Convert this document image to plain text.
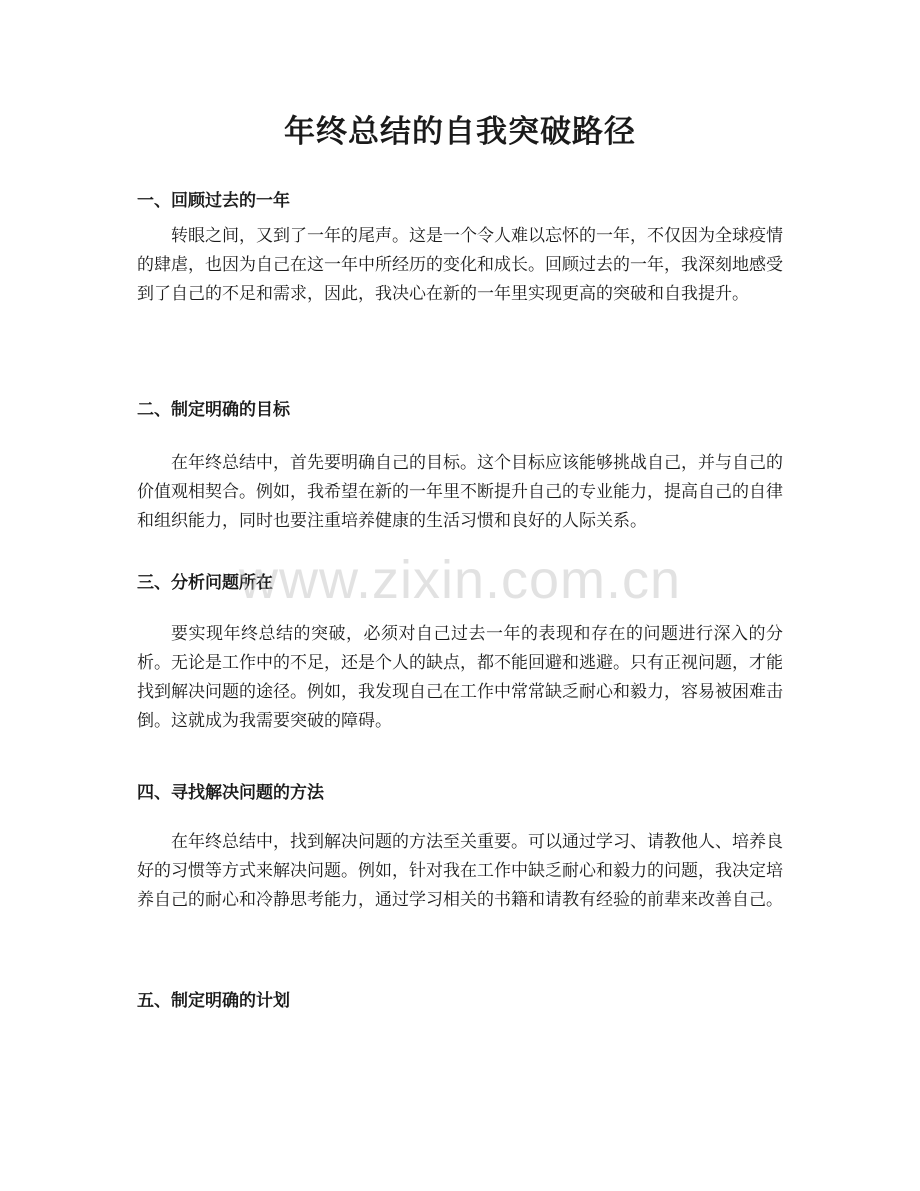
年终总结的自我突破路径
一、回顾过去的一年

转眼之间，又到了一年的尾声。这是一个令人难以忘怀的一年，不仅因为全球疫情的肆虐，也因为自己在这一年中所经历的变化和成长。回顾过去的一年，我深刻地感受到了自己的不足和需求，因此，我决心在新的一年里实现更高的突破和自我提升。

二、制定明确的目标

在年终总结中，首先要明确自己的目标。这个目标应该能够挑战自己，并与自己的价值观相契合。例如，我希望在新的一年里不断提升自己的专业能力，提高自己的自律和组织能力，同时也要注重培养健康的生活习惯和良好的人际关系。

三、分析问题所在

要实现年终总结的突破，必须对自己过去一年的表现和存在的问题进行深入的分析。无论是工作中的不足，还是个人的缺点，都不能回避和逃避。只有正视问题，才能找到解决问题的途径。例如，我发现自己在工作中常常缺乏耐心和毅力，容易被困难击倒。这就成为我需要突破的障碍。

四、寻找解决问题的方法

在年终总结中，找到解决问题的方法至关重要。可以通过学习、请教他人、培养良好的习惯等方式来解决问题。例如，针对我在工作中缺乏耐心和毅力的问题，我决定培养自己的耐心和冷静思考能力，通过学习相关的书籍和请教有经验的前辈来改善自己。

五、制定明确的计划
www.zixin.com.cn
